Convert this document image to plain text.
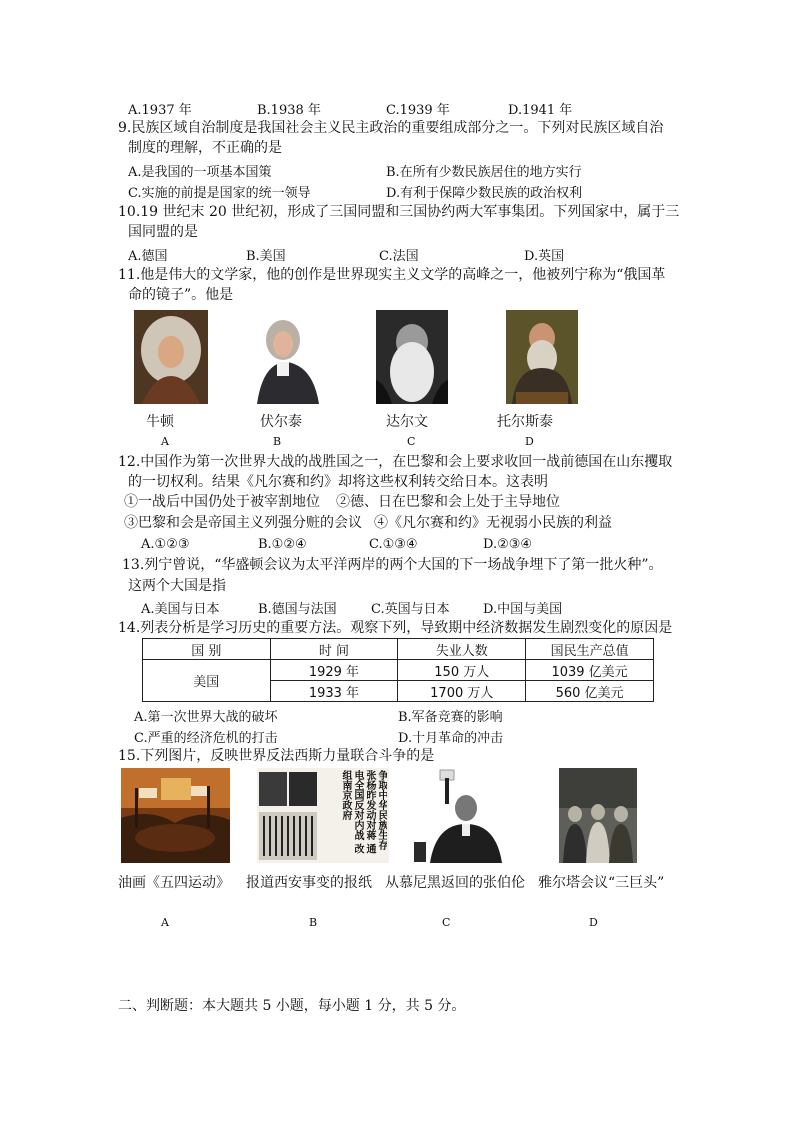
A.1937 年	B.1938 年	C.1939 年	D.1941 年
9.民族区域自治制度是我国社会主义民主政治的重要组成部分之一。下列对民族区域自治
制度的理解，不正确的是
A.是我国的一项基本国策	B.在所有少数民族居住的地方实行
C.实施的前提是国家的统一领导	D.有利于保障少数民族的政治权利
10.19 世纪末 20 世纪初，形成了三国同盟和三国协约两大军事集团。下列国家中，属于三
国同盟的是
A.德国	B.美国	C.法国	D.英国
11.他是伟大的文学家，他的创作是世界现实主义文学的高峰之一，他被列宁称为“俄国革
命的镜子”。他是
牛顿	伏尔泰	达尔文	托尔斯泰
A	B	C	D
12.中国作为第一次世界大战的战胜国之一，在巴黎和会上要求收回一战前德国在山东攫取
的一切权利。结果《凡尔赛和约》却将这些权利转交给日本。这表明
①一战后中国仍处于被宰割地位 ②德、日在巴黎和会上处于主导地位
③巴黎和会是帝国主义列强分赃的会议 ④《凡尔赛和约》无视弱小民族的利益
A.①②③	B.①②④	C.①③④	D.②③④
13.列宁曾说，“华盛顿会议为太平洋两岸的两个大国的下一场战争埋下了第一批火种”。
这两个大国是指
A.美国与日本	B.德国与法国	C.英国与日本	D.中国与美国
14.列表分析是学习历史的重要方法。观察下列，导致期中经济数据发生剧烈变化的原因是
国 别	时 间	失业人数	国民生产总值
美国	1929 年	150 万人	1039 亿美元
	1933 年	1700 万人	560 亿美元
A.第一次世界大战的破坏	B.军备竞赛的影响
C.严重的经济危机的打击	D.十月革命的冲击
15.下列图片，反映世界反法西斯力量联合斗争的是
争取中华民族生存 张杨昨发动对蒋 通电全国反对内战 改组南京政府
油画《五四运动》 报道西安事变的报纸 从慕尼黑返回的张伯伦 雅尔塔会议“三巨头”
A	B	C	D
二、判断题：本大题共 5 小题，每小题 1 分，共 5 分。
